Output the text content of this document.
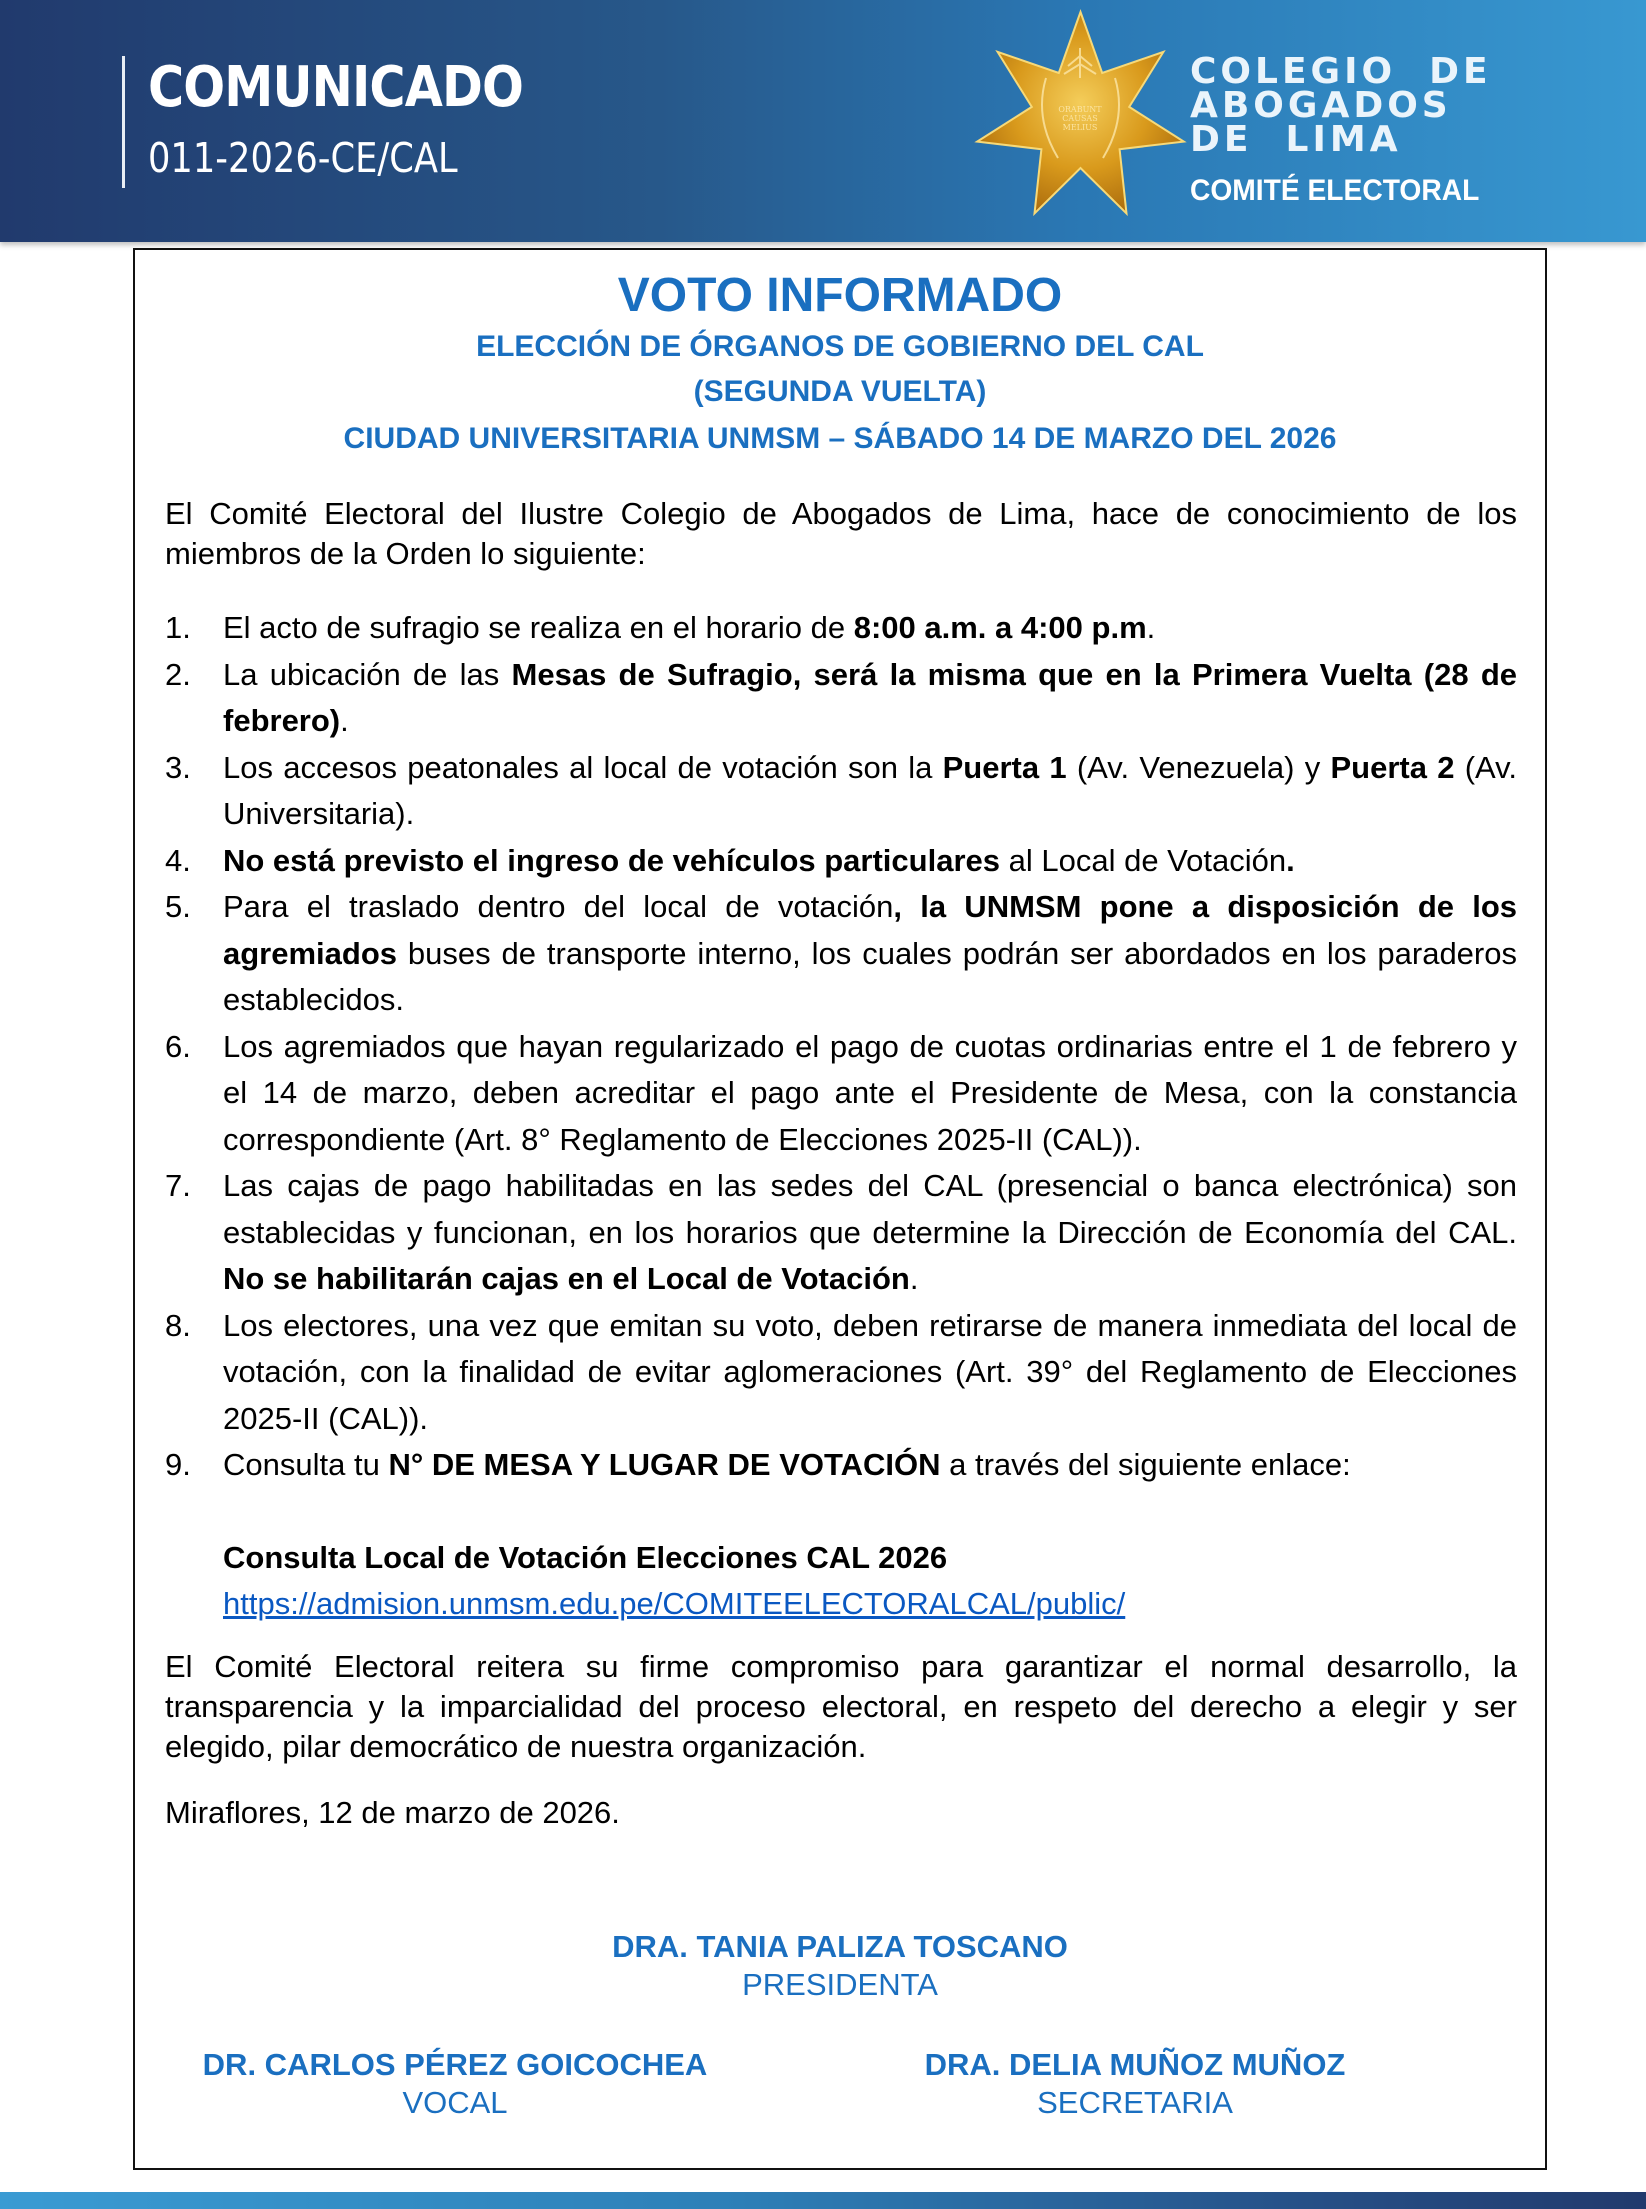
COMUNICADO
011-2026-CE/CAL
ORABUNT
CAUSAS
MELIUS
COLEGIO  DE
ABOGADOS
DE  LIMA
COMITÉ ELECTORAL
VOTO INFORMADO
ELECCIÓN DE ÓRGANOS DE GOBIERNO DEL CAL
(SEGUNDA VUELTA)
CIUDAD UNIVERSITARIA UNMSM – SÁBADO 14 DE MARZO DEL 2026
El Comité Electoral del Ilustre Colegio de Abogados de Lima, hace de conocimiento de los miembros de la Orden lo siguiente:
1. El acto de sufragio se realiza en el horario de 8:00 a.m. a 4:00 p.m.
2. La ubicación de las Mesas de Sufragio, será la misma que en la Primera Vuelta (28 de febrero).
3. Los accesos peatonales al local de votación son la Puerta 1 (Av. Venezuela) y Puerta 2 (Av. Universitaria).
4. No está previsto el ingreso de vehículos particulares al Local de Votación.
5. Para el traslado dentro del local de votación, la UNMSM pone a disposición de los agremiados buses de transporte interno, los cuales podrán ser abordados en los paraderos establecidos.
6. Los agremiados que hayan regularizado el pago de cuotas ordinarias entre el 1 de febrero y el 14 de marzo, deben acreditar el pago ante el Presidente de Mesa, con la constancia correspondiente (Art. 8° Reglamento de Elecciones 2025-II (CAL)).
7. Las cajas de pago habilitadas en las sedes del CAL (presencial o banca electrónica) son establecidas y funcionan, en los horarios que determine la Dirección de Economía del CAL. No se habilitarán cajas en el Local de Votación.
8. Los electores, una vez que emitan su voto, deben retirarse de manera inmediata del local de votación, con la finalidad de evitar aglomeraciones (Art. 39° del Reglamento de Elecciones 2025-II (CAL)).
9. Consulta tu N° DE MESA Y LUGAR DE VOTACIÓN a través del siguiente enlace:
Consulta Local de Votación Elecciones CAL 2026
https://admision.unmsm.edu.pe/COMITEELECTORALCAL/public/
El Comité Electoral reitera su firme compromiso para garantizar el normal desarrollo, la transparencia y la imparcialidad del proceso electoral, en respeto del derecho a elegir y ser elegido, pilar democrático de nuestra organización.
Miraflores, 12 de marzo de 2026.
DRA. TANIA PALIZA TOSCANO
PRESIDENTA
DR. CARLOS PÉREZ GOICOCHEA
VOCAL
DRA. DELIA MUÑOZ MUÑOZ
SECRETARIA
